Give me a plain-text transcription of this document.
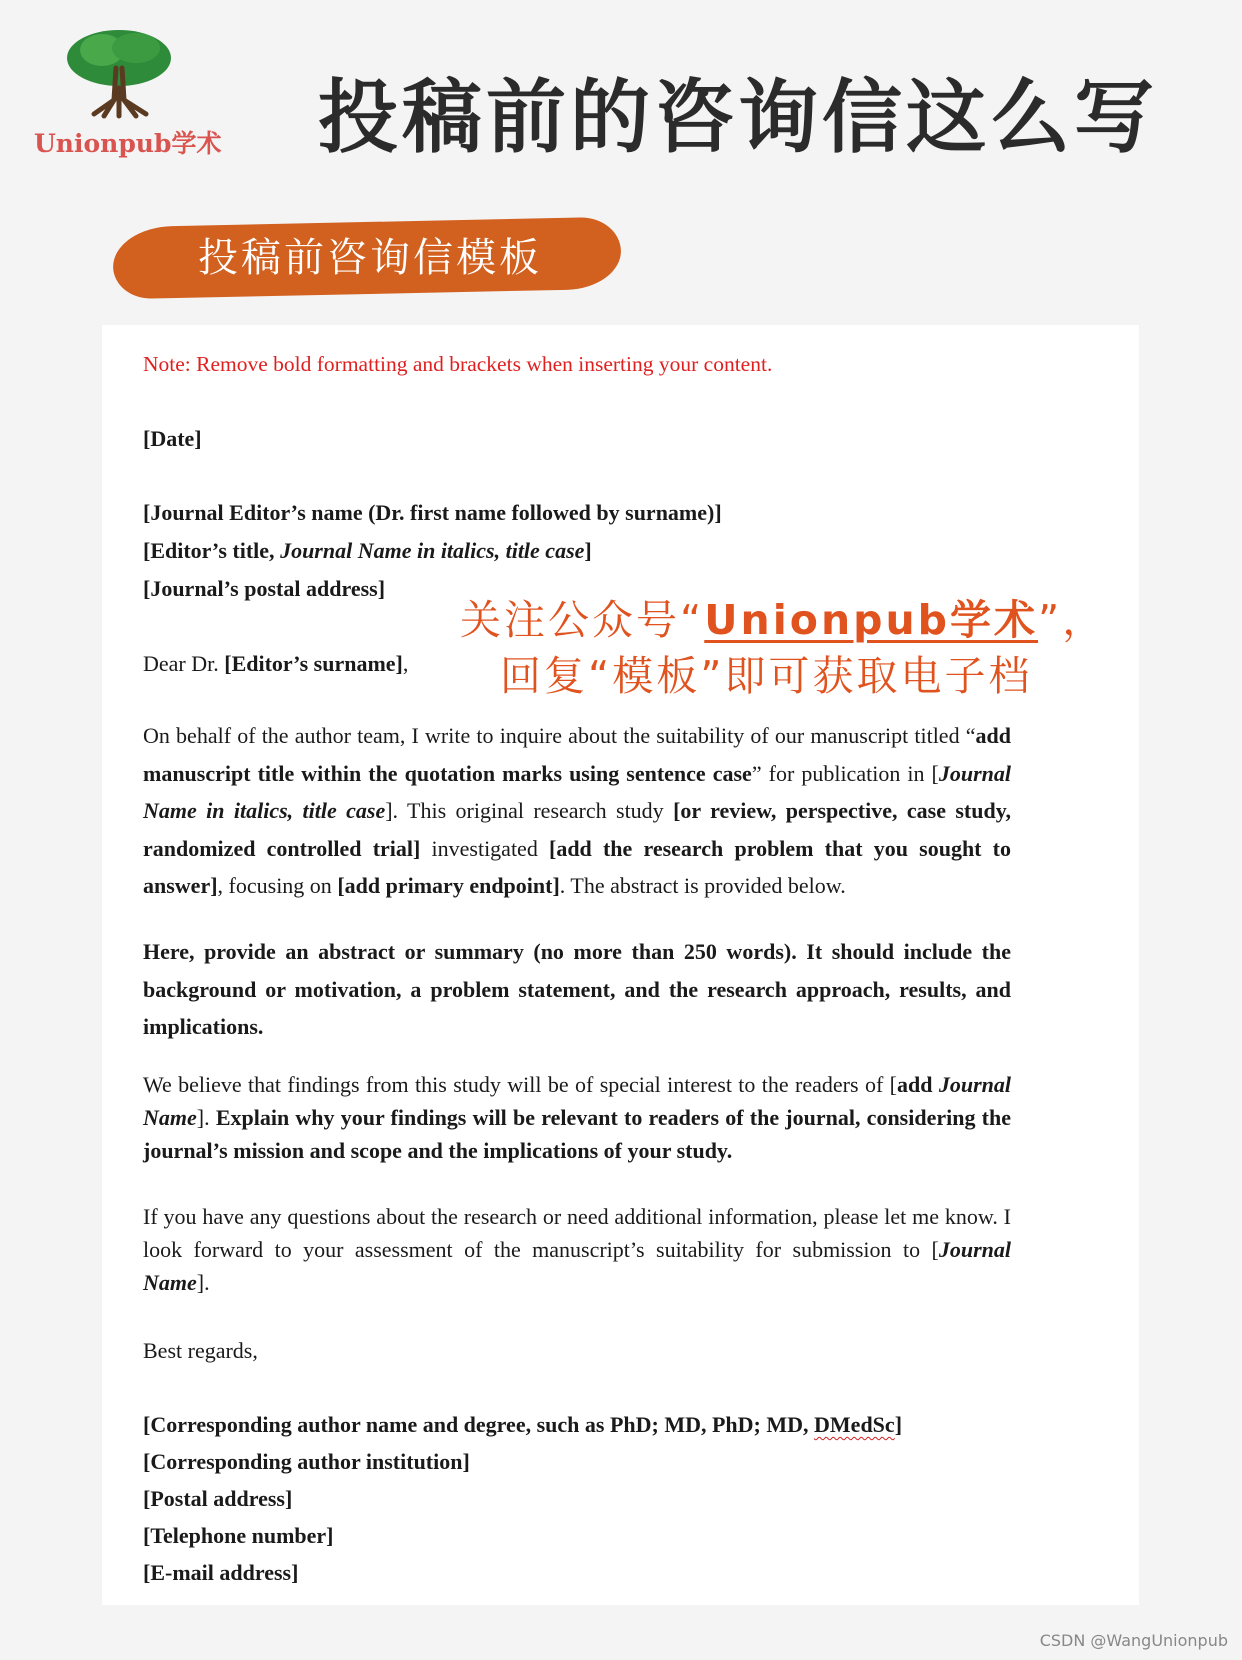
Unionpub学术 投稿前的咨询信这么写
投稿前咨询信模板

Note: Remove bold formatting and brackets when inserting your content.

[Date]

[Journal Editor’s name (Dr. first name followed by surname)]

[Editor’s title, Journal Name in italics, title case]

[Journal’s postal address]

Dear Dr. [Editor’s surname],

On behalf of the author team, I write to inquire about the suitability of our manuscript titled “add manuscript title within the quotation marks using sentence case” for publication in [Journal Name in italics, title case]. This original research study [or review, perspective, case study, randomized controlled trial] investigated [add the research problem that you sought to answer], focusing on [add primary endpoint]. The abstract is provided below.

Here, provide an abstract or summary (no more than 250 words). It should include the background or motivation, a problem statement, and the research approach, results, and implications.

We believe that findings from this study will be of special interest to the readers of [add Journal Name]. Explain why your findings will be relevant to readers of the journal, considering the journal’s mission and scope and the implications of your study.

If you have any questions about the research or need additional information, please let me know. I look forward to your assessment of the manuscript’s suitability for submission to [Journal Name].

Best regards,

[Corresponding author name and degree, such as PhD; MD, PhD; MD, DMedSc]

[Corresponding author institution]

[Postal address]

[Telephone number]

[E-mail address]

关注公众号“Unionpub学术”，
回复“模板”即可获取电子档
CSDN @WangUnionpub
